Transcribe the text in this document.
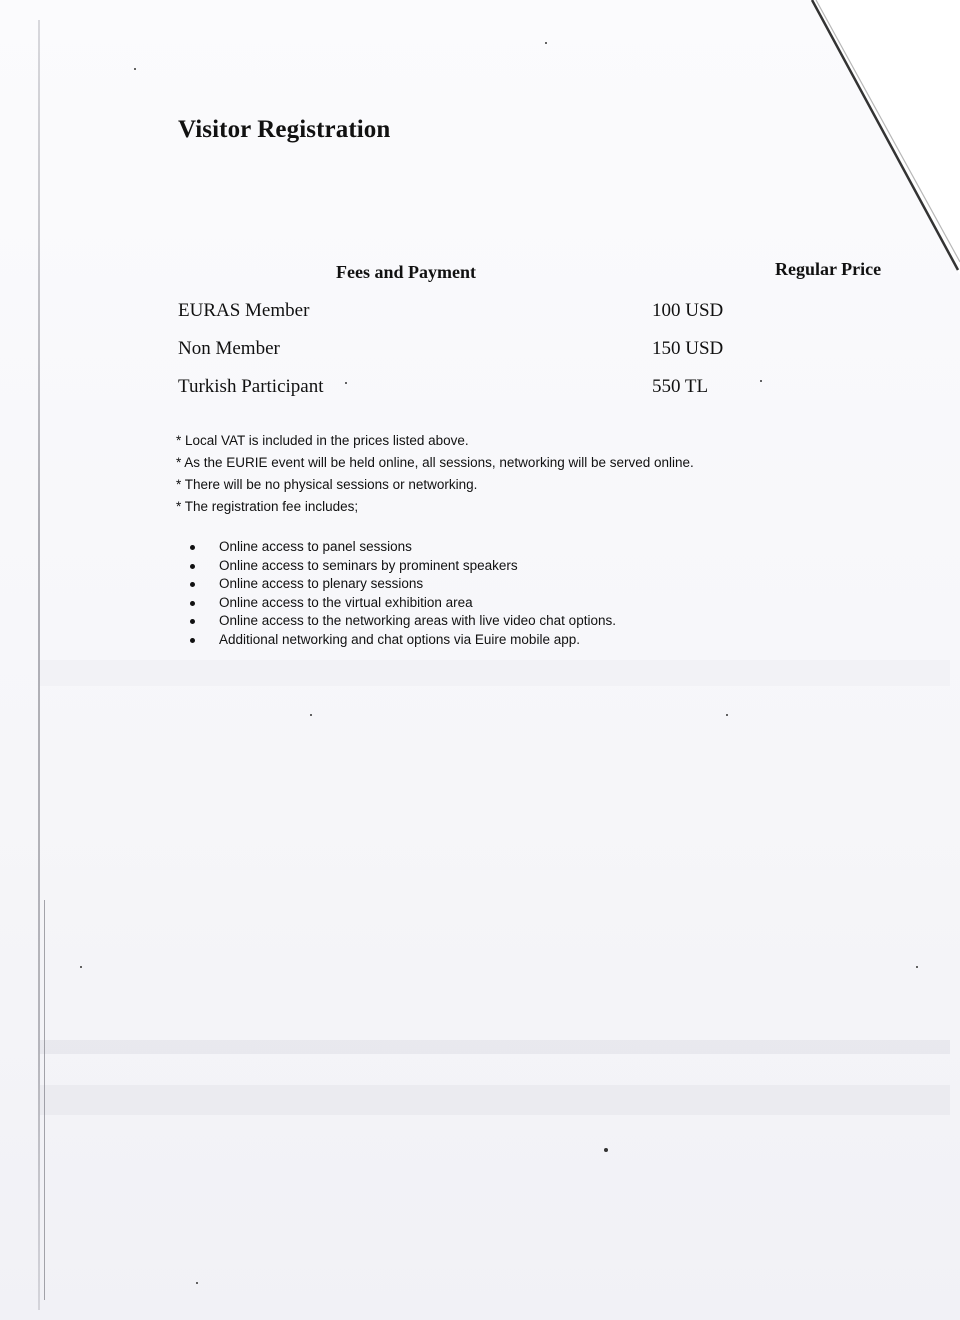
Visitor Registration
Fees and Payment	Regular Price
EURAS Member	100 USD
Non Member	150 USD
Turkish Participant	550 TL
* Local VAT is included in the prices listed above.
* As the EURIE event will be held online, all sessions, networking will be served online.
* There will be no physical sessions or networking.
* The registration fee includes;
Online access to panel sessions
Online access to seminars by prominent speakers
Online access to plenary sessions
Online access to the virtual exhibition area
Online access to the networking areas with live video chat options.
Additional networking and chat options via Euire mobile app.
